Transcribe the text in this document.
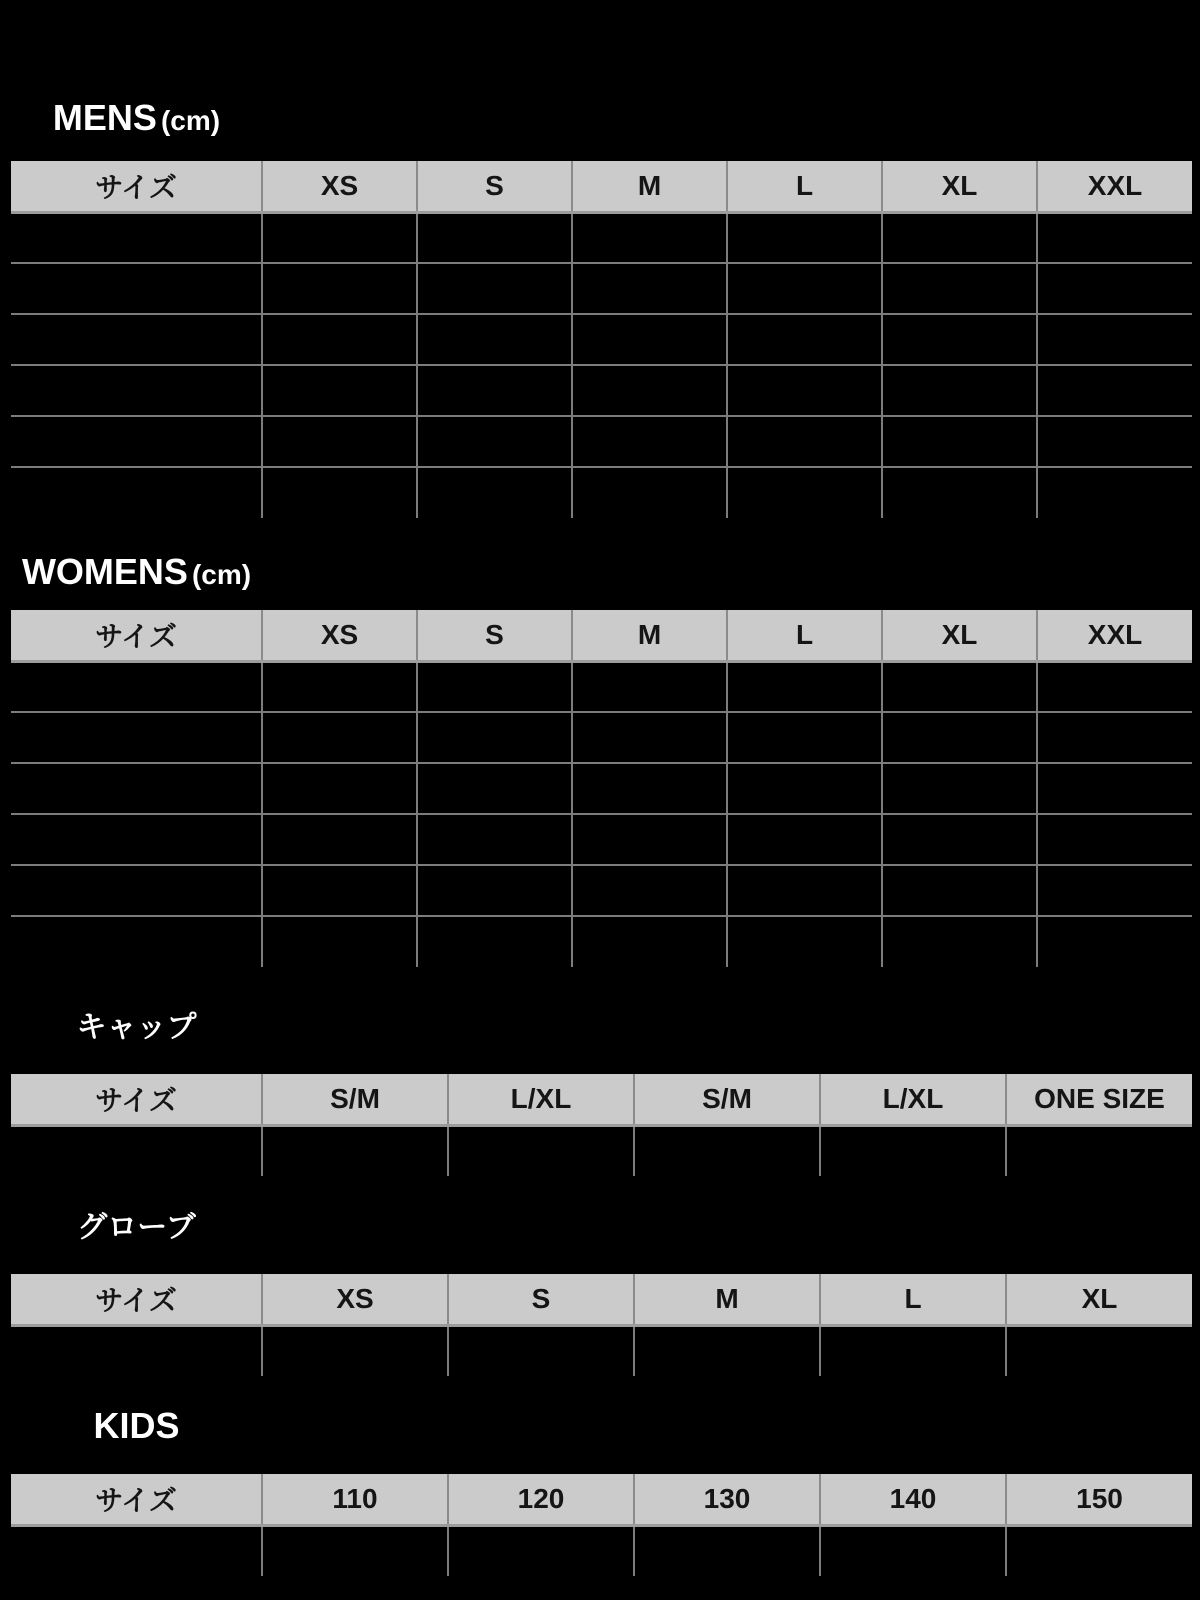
MENS (cm)
サイズ	XS	S	M	L	XL	XXL

WOMENS (cm)
サイズ	XS	S	M	L	XL	XXL

キャップ
サイズ	S/M	L/XL	S/M	L/XL	ONE SIZE

グローブ
サイズ	XS	S	M	L	XL

KIDS
サイズ	110	120	130	140	150
